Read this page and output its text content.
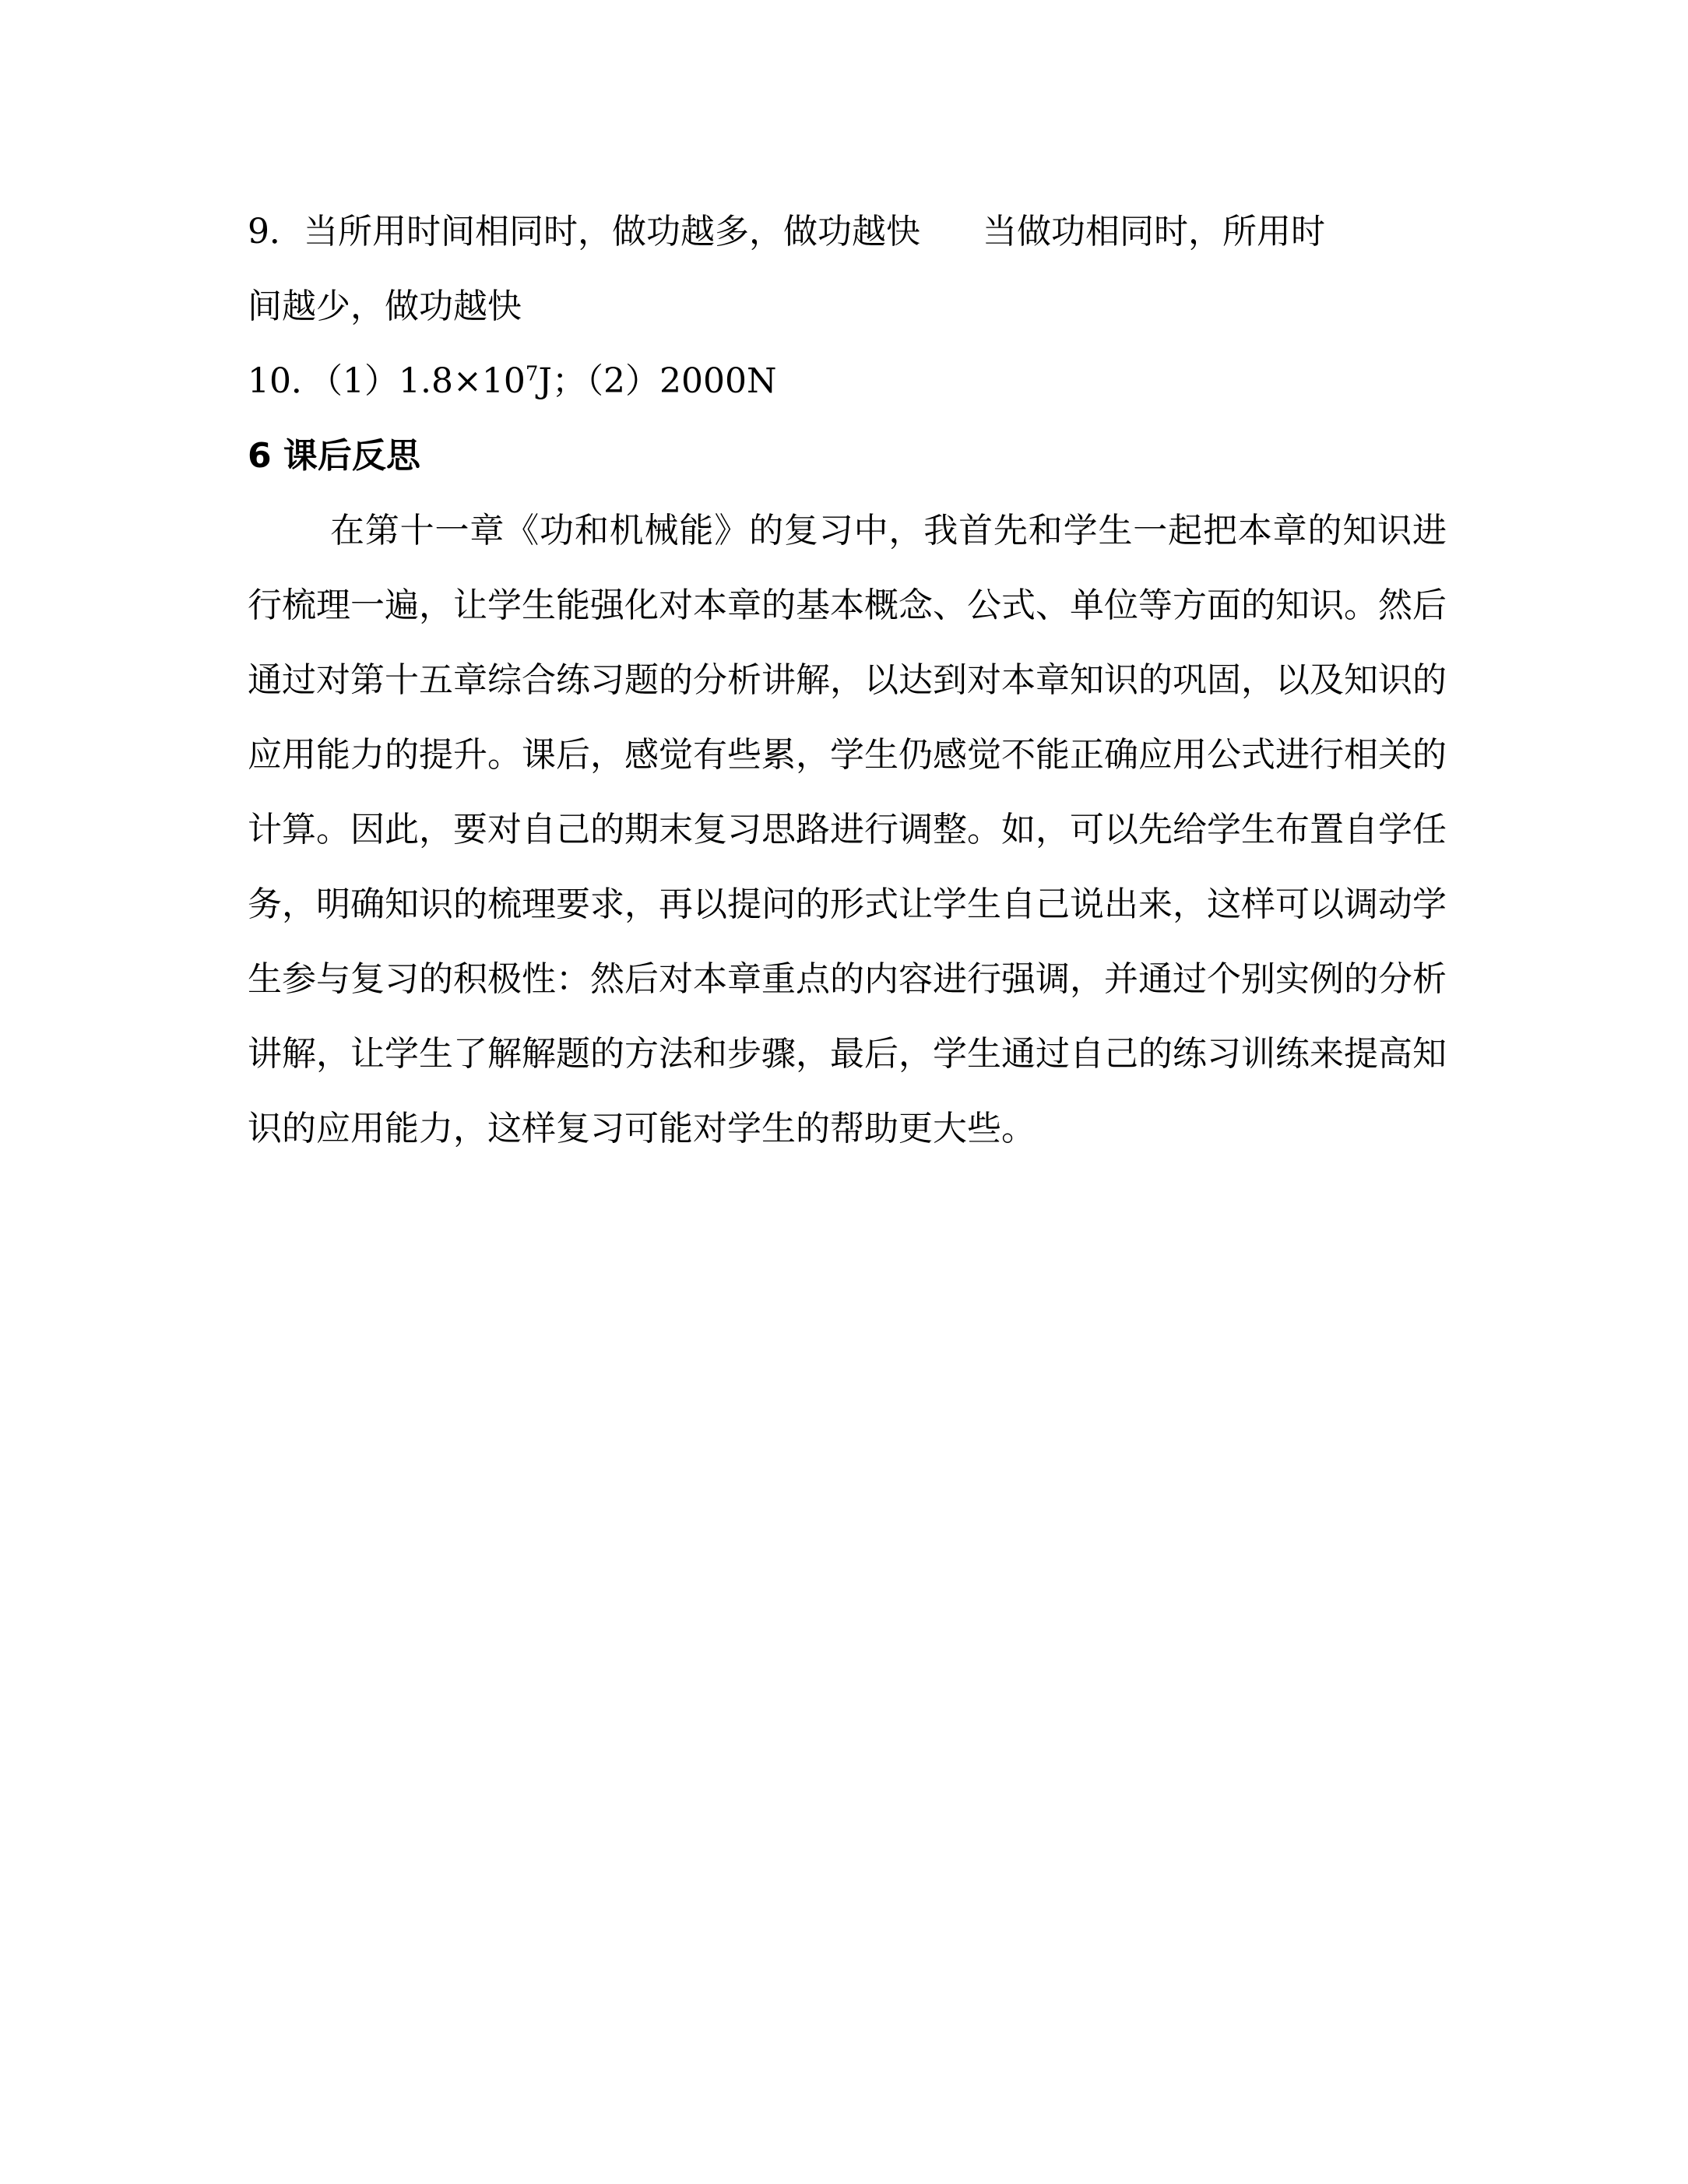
9．当所用时间相同时，做功越多，做功越快 当做功相同时，所用时

间越少，做功越快

10．$(1)1.8\times 10^7J$；（2）2000N

6 课后反思

在第十一章《功和机械能》的复习中，我首先和学生一起把本章的知识进行梳理一遍，让学生能强化对本章的基本概念、公式、单位等方面的知识。然后通过对第十五章综合练习题的分析讲解，以达到对本章知识的巩固，以及知识的应用能力的提升。课后，感觉有些累，学生仍感觉不能正确应用公式进行相关的计算。因此，要对自己的期末复习思路进行调整。如，可以先给学生布置自学任务，明确知识的梳理要求，再以提问的形式让学生自己说出来，这样可以调动学生参与复习的积极性：然后对本章重点的内容进行强调，并通过个别实例的分析讲解，让学生了解解题的方法和步骤，最后，学生通过自己的练习训练来提高知识的应用能力，这样复习可能对学生的帮助更大些。
